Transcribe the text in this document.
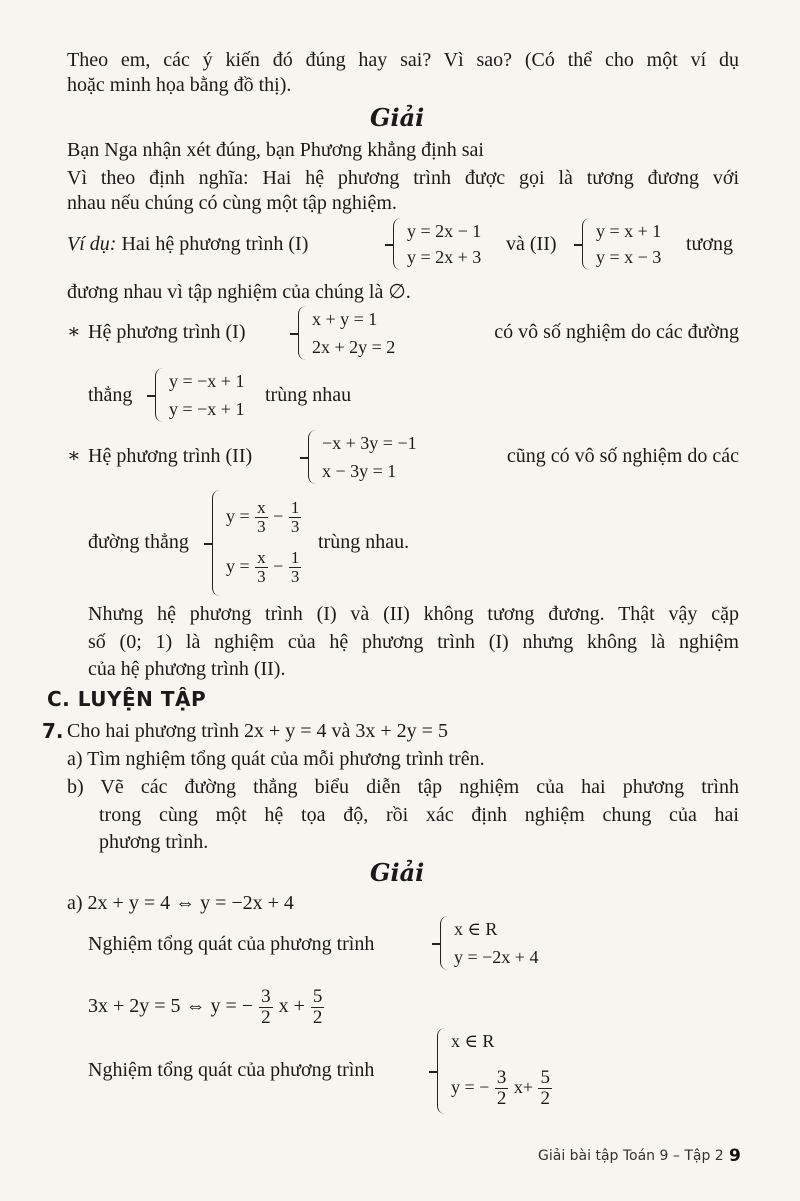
Theo em, các ý kiến đó đúng hay sai? Vì sao? (Có thể cho một ví dụ
hoặc minh họa bằng đồ thị).
Giải
Bạn Nga nhận xét đúng, bạn Phương khẳng định sai
Vì theo định nghĩa: Hai hệ phương trình được gọi là tương đương với
nhau nếu chúng có cùng một tập nghiệm.
Ví dụ: Hai hệ phương trình (I)
y = 2x − 1
y = 2x + 3
và (II)
y = x + 1
y = x − 3
tương
đương nhau vì tập nghiệm của chúng là ∅.
∗ Hệ phương trình (I)
x + y = 1
2x + 2y = 2
có vô số nghiệm do các đường
thẳng
y = −x + 1
y = −x + 1
trùng nhau
∗ Hệ phương trình (II)
−x + 3y = −1
x − 3y = 1
cũng có vô số nghiệm do các
đường thẳng
$y = \frac{x}{3} - \frac{1}{3}$
$y = \frac{x}{3} - \frac{1}{3}$
trùng nhau.
Nhưng hệ phương trình (I) và (II) không tương đương. Thật vậy cặp
số (0; 1) là nghiệm của hệ phương trình (I) nhưng không là nghiệm
của hệ phương trình (II).
C. LUYỆN TẬP
7. Cho hai phương trình 2x + y = 4 và 3x + 2y = 5
a) Tìm nghiệm tổng quát của mỗi phương trình trên.
b) Vẽ các đường thẳng biểu diễn tập nghiệm của hai phương trình
trong cùng một hệ tọa độ, rồi xác định nghiệm chung của hai
phương trình.
Giải
a) 2x + y = 4 ⇔ y = −2x + 4
Nghiệm tổng quát của phương trình
x ∈ R
y = −2x + 4
3x + 2y = 5 ⇔ y = − $\frac{3}{2}$ $x + \frac{5}{2}$
Nghiệm tổng quát của phương trình
x ∈ R
y = − $\frac{3}{2} x+ \frac{5}{2}$
Giải bài tập Toán 9 – Tập 2 9
